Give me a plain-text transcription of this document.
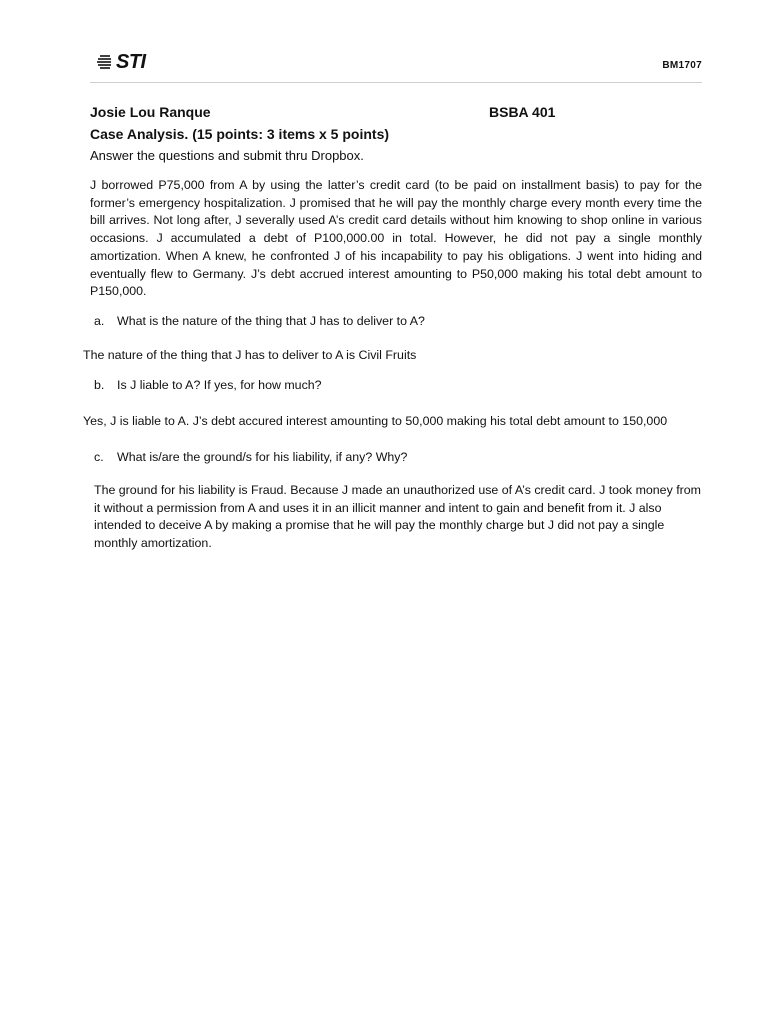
STI	BM1707
Josie Lou Ranque	BSBA 401
Case Analysis. (15 points: 3 items x 5 points)
Answer the questions and submit thru Dropbox.
J borrowed P75,000 from A by using the latter’s credit card (to be paid on installment basis) to pay for the former’s emergency hospitalization. J promised that he will pay the monthly charge every month every time the bill arrives. Not long after, J severally used A’s credit card details without him knowing to shop online in various occasions. J accumulated a debt of P100,000.00 in total. However, he did not pay a single monthly amortization. When A knew, he confronted J of his incapability to pay his obligations. J went into hiding and eventually flew to Germany. J’s debt accrued interest amounting to P50,000 making his total debt amount to P150,000.
a. What is the nature of the thing that J has to deliver to A?
The nature of the thing that J has to deliver to A is Civil Fruits
b. Is J liable to A? If yes, for how much?
Yes, J is liable to A. J’s debt accured interest amounting to 50,000 making his total debt amount to 150,000
c. What is/are the ground/s for his liability, if any? Why?
The ground for his liability is Fraud. Because J made an unauthorized use of A’s credit card. J took money from it without a permission from A and uses it in an illicit manner and intent to gain and benefit from it. J also intended to deceive A by making a promise that he will pay the monthly charge but J did not pay a single monthly amortization.
